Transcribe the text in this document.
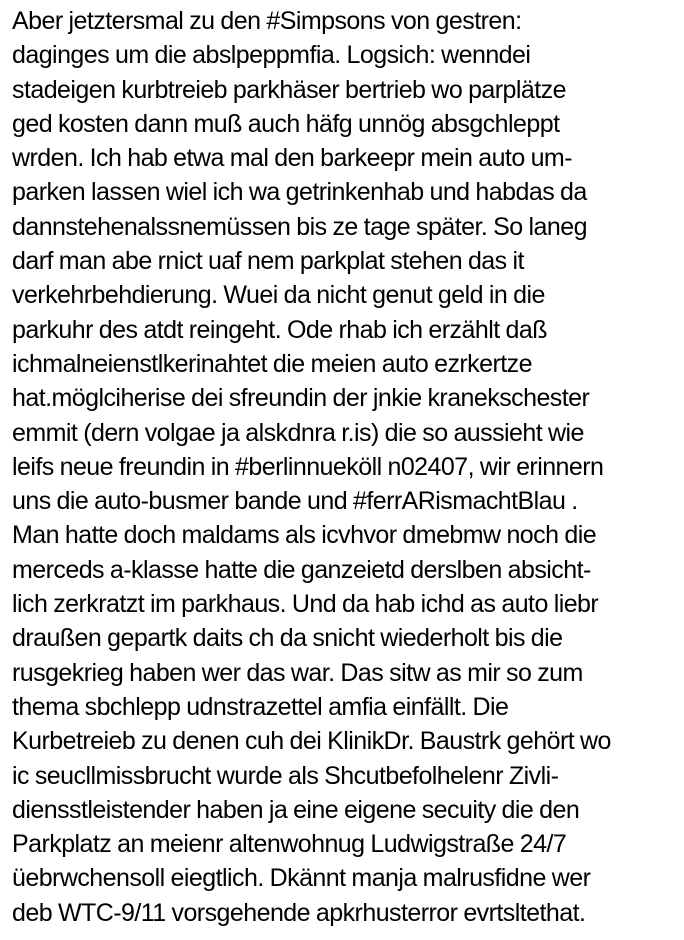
Aber jetztersmal zu den #Simpsons von gestren:
daginges um die abslpeppmfia. Logsich: wenndei
stadeigen kurbtreieb parkhäser bertrieb wo parplätze
ged kosten dann muß auch häfg unnög absgchleppt
wrden. Ich hab etwa mal den barkeepr mein auto um-
parken lassen wiel ich wa getrinkenhab und habdas da
dannstehenalssnemüssen bis ze tage später. So laneg
darf man abe rnict uaf nem parkplat stehen das it
verkehrbehdierung. Wuei da nicht genut geld in die
parkuhr des atdt reingeht. Ode rhab ich erzählt daß
ichmalneienstlkerinahtet die meien auto ezrkertze
hat.möglciherise dei sfreundin der jnkie kranekschester
emmit (dern volgae ja alskdnra r.is) die so aussieht wie
leifs neue freundin in #berlinnueköll n02407, wir erinnern
uns die auto-busmer bande und #ferrARismachtBlau .
Man hatte doch maldams als icvhvor dmebmw noch die
merceds a-klasse hatte die ganzeietd derslben absicht-
lich zerkratzt im parkhaus. Und da hab ichd as auto liebr
draußen gepartk daits ch da snicht wiederholt bis die
rusgekrieg haben wer das war. Das sitw as mir so zum
thema sbchlepp udnstrazettel amfia einfällt. Die
Kurbetreieb zu denen cuh dei KlinikDr. Baustrk gehört wo
ic seucllmissbrucht wurde als Shcutbefolhelenr Zivli-
diensstleistender haben ja eine eigene secuity die den
Parkplatz an meienr altenwohnug Ludwigstraße 24/7
üebrwchensoll eiegtlich. Dkännt manja malrusfidne wer
deb WTC-9/11 vorsgehende apkrhusterror evrtsltethat.
